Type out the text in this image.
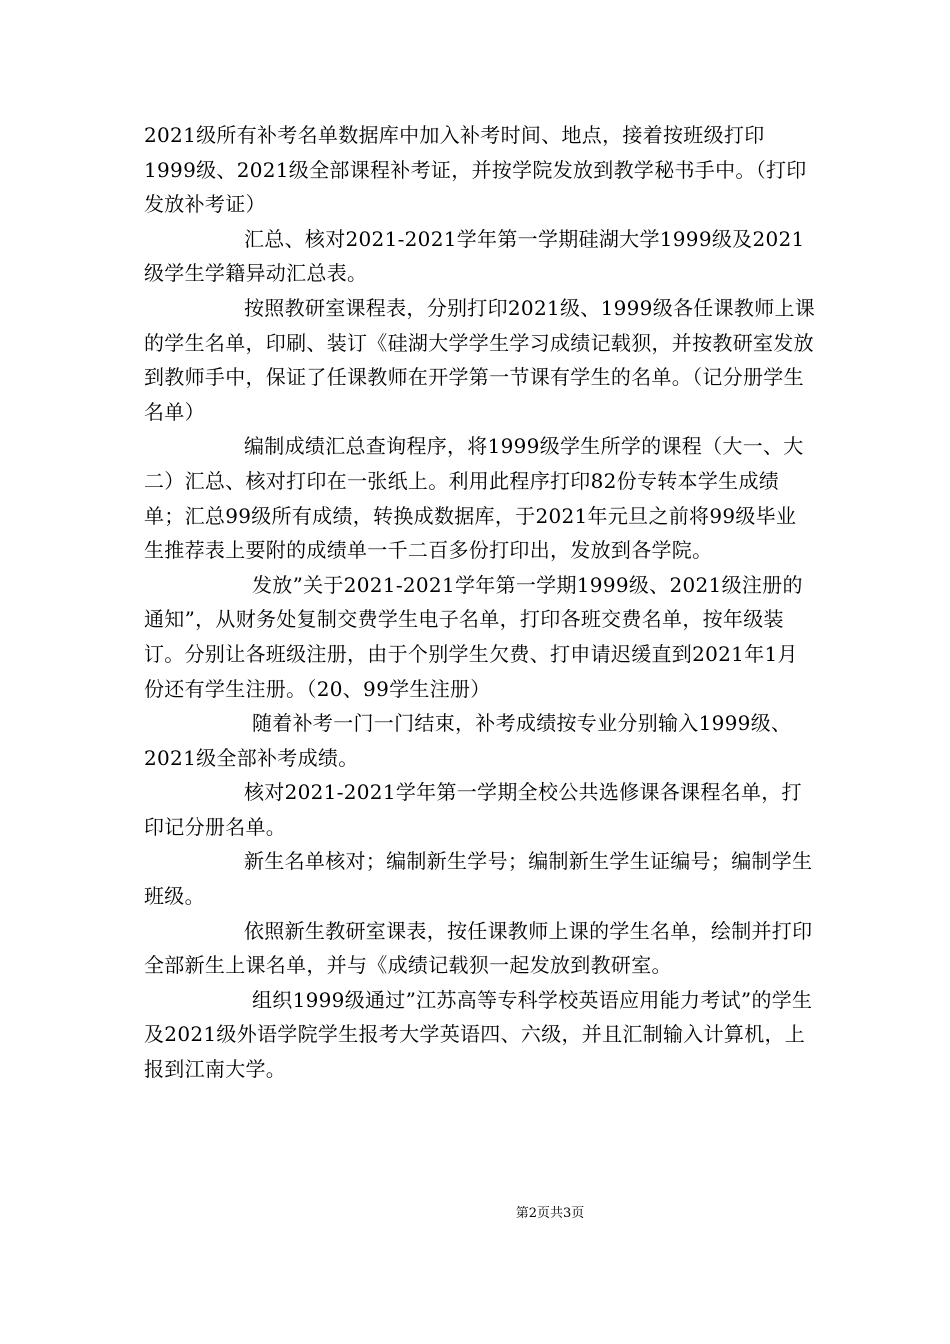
2021级所有补考名单数据库中加入补考时间、地点，接着按班级打印1999级、2021级全部课程补考证，并按学院发放到教学秘书手中。（打印发放补考证）

汇总、核对2021-2021学年第一学期硅湖大学1999级及2021级学生学籍异动汇总表。

按照教研室课程表，分别打印2021级、1999级各任课教师上课的学生名单，印刷、装订《硅湖大学学生学习成绩记载狈，并按教研室发放到教师手中，保证了任课教师在开学第一节课有学生的名单。（记分册学生名单）

编制成绩汇总查询程序，将1999级学生所学的课程（大一、大二）汇总、核对打印在一张纸上。利用此程序打印82份专转本学生成绩单；汇总99级所有成绩，转换成数据库，于2021年元旦之前将99级毕业生推荐表上要附的成绩单一千二百多份打印出，发放到各学院。

发放”关于2021-2021学年第一学期1999级、2021级注册的通知”，从财务处复制交费学生电子名单，打印各班交费名单，按年级装订。分别让各班级注册，由于个别学生欠费、打申请迟缓直到2021年1月份还有学生注册。（20、99学生注册）

随着补考一门一门结束，补考成绩按专业分别输入1999级、2021级全部补考成绩。

核对2021-2021学年第一学期全校公共选修课各课程名单，打印记分册名单。

新生名单核对；编制新生学号；编制新生学生证编号；编制学生班级。

依照新生教研室课表，按任课教师上课的学生名单，绘制并打印全部新生上课名单，并与《成绩记载狈一起发放到教研室。

组织1999级通过”江苏高等专科学校英语应用能力考试”的学生及2021级外语学院学生报考大学英语四、六级，并且汇制输入计算机，上报到江南大学。

第2页共3页
